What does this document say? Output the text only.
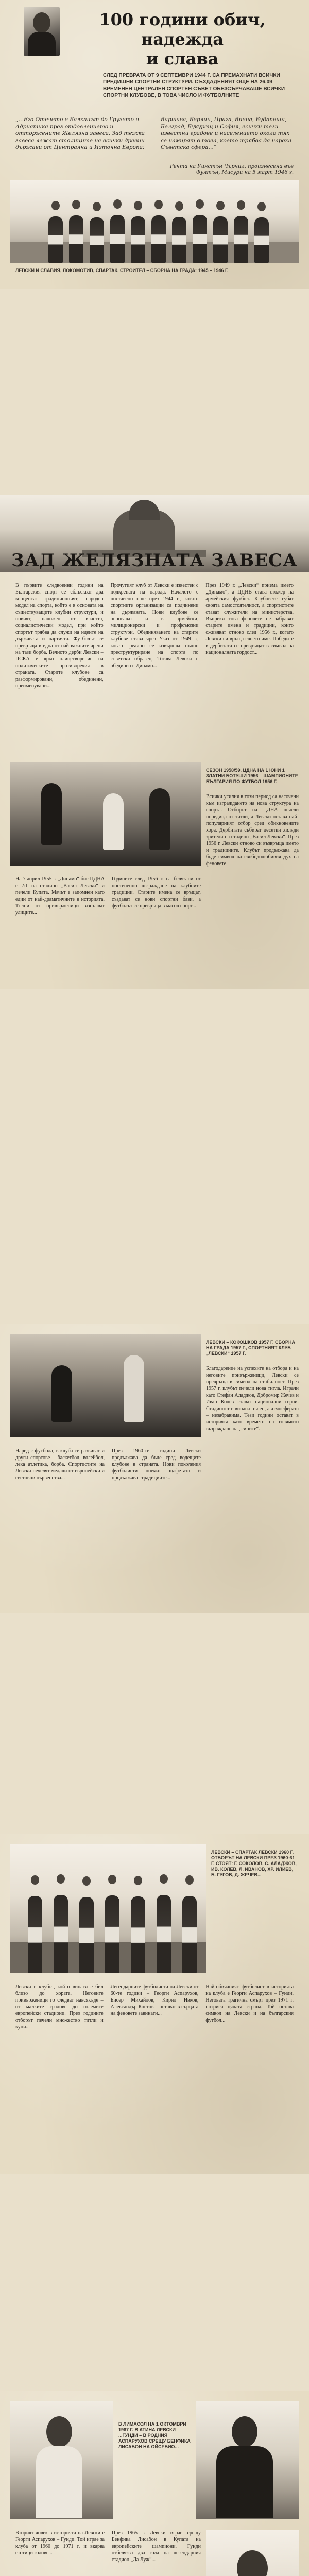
100 години обич,
надежда
и слава
СЛЕД ПРЕВРАТА ОТ 9 СЕПТЕМВРИ 1944 Г. СА ПРЕМАХНАТИ ВСИЧКИ ПРЕДИШНИ СПОРТНИ СТРУКТУРИ. СЪЗДАДЕНИЯТ ОЩЕ НА 26.09 ВРЕМЕНЕН ЦЕНТРАЛЕН СПОРТЕН СЪВЕТ ОБЕЗСЪРЧАВАШЕ ВСИЧКИ СПОРТНИ КЛУБОВЕ, В ТОВА ЧИСЛО И ФУТБОЛНИТЕ
„…Его Отечeто е Балканът до Грузето и Адриатика през отдовлението и отторжените Желязна завеса. Зад тежка завеса лежат столиците на всички древни държави от Централна и Източна Европа: Варшава, Берлин, Прага, Виена, Будапеща, Белград, Букурещ и София, всички тези известни градове и населението около тях се намират в това, което трябва да нарека Съветска сфера…“
Речта на Уинстън Чърчил, произнесена във Фултън, Мисури на 5 март 1946 г.
ЛЕВСКИ И СЛАВИЯ, ЛОКОМОТИВ, СПАРТАК, СТРОИТЕЛ – СБОРНА НА ГРАДА: 1945 – 1946 Г.
ЗАД ЖЕЛЯЗНАТА ЗАВЕСА
В първите следвоенни години на Българския спорт се сблъскват два концепта: традиционният, народен модел на спорта, който е в основата на съществуващите клубни структури, и новият, наложен от властта, социалистически модел, при който спортът трябва да служи на идеите на държавата и партията. Футболът се превръща в една от най-важните арени на тази борба. Вечното дерби Левски – ЦСКА е ярко олицетворение на политическите противоречия в страната. Старите клубове са разформировани, обединени, преименувани...
Прочутият клуб от Левски е известен с подкрепата на народа. Началото е поставено още през 1944 г., когато спортните организации са подчинени на държавата. Нови клубове се основават и в армейски, милиционерски и профсъюзни структури. Обединяването на старите клубове става чрез Указ от 1949 г., когато реално се извършва пълно преструктуриране на спорта по съветски образец. Тогава Левски е обединен с Динамо...
През 1949 г. „Левски“ приема името „Динамо“, а ЦДНВ става стожер на армейския футбол. Клубовете губят своята самостоятелност, а спортистите стават служители на министерства. Въпреки това феновете не забравят старите имена и традиции, които оживяват отново след 1956 г., когато Левски си връща своето име. Победите в дербитата се превръщат в символ на националната гордост...
СЕЗОН 1958/59. ЦДНА НА 1 ЮНИ 1 ЗЛАТНИ БОТУШИ 1956 – ШАМПИОНИТЕ БЪЛГАРИЯ ПО ФУТБОЛ 1956 Г.
Всички усилия в този период са насочени към изграждането на нова структура на спорта. Отборът на ЦДНА печели поредица от титли, а Левски остава най-популярният отбор сред обикновените хора. Дербитата събират десетки хиляди зрители на стадион „Васил Левски“. През 1956 г. Левски отново си възвръща името и традициите. Клубът продължава да бъде символ на свободолюбивия дух на феновете.
На 7 април 1955 г. „Динамо“ бие ЦДНА с 2:1 на стадион „Васил Левски“ и печели Купата. Мачът е запомнен като един от най-драматичните в историята. Тълпи от привърженици изпълват улиците...
Годините след 1956 г. са белязани от постепенно възраждане на клубните традиции. Старите имена се връщат, създават се нови спортни бази, а футболът се превръща в масов спорт...
ЛЕВСКИ – КОКОШКОВ 1957 Г. СБОРНА НА ГРАДА 1957 Г., СПОРТНИЯТ КЛУБ „ЛЕВСКИ“ 1957 Г.
Благодарение на успехите на отбора и на неговите привърженици, Левски се превръща в символ на стабилност. През 1957 г. клубът печели нова титла. Играчи като Стефан Аладжов, Добромир Жечев и Иван Колев стават национални герои. Стадионът е винаги пълен, а атмосферата – незабравима. Тези години остават в историята като времето на голямото възраждане на „сините“.
Наред с футбола, в клуба се развиват и други спортове – баскетбол, волейбол, лека атлетика, борба. Спортистите на Левски печелят медали от европейски и световни първенства...
През 1960-те години Левски продължава да бъде сред водещите клубове в страната. Нови поколения футболисти поемат щафетата и продължават традициите...
ЛЕВСКИ – СПАРТАК ЛЕВСКИ 1960 Г. ОТБОРЪТ НА ЛЕВСКИ ПРЕЗ 1960-61 Г. СТОЯТ: Г. СОКОЛОВ, С. АЛАДЖОВ, ИВ. КОЛЕВ, Л. ИВАНОВ, ХР. ИЛИЕВ, Б. ГУГОВ, Д. ЖЕЧЕВ...
Левски е клубът, който винаги е бил близо до хората. Неговите привърженици го следват навсякъде – от малките градове до големите европейски стадиони. През годините отборът печели множество титли и купи...
Легендарните футболисти на Левски от 60-те години – Георги Аспарухов, Бисер Михайлов, Кирил Ивков, Александър Костов – остават в сърцата на феновете завинаги...
Най-обичаният футболист в историята на клуба е Георги Аспарухов – Гунди. Неговата трагична смърт през 1971 г. потриса цялата страна. Той остава символ на Левски и на българския футбол...
В ЛИМАСОЛ НА 1 ОКТОМВРИ 1967 Г. В АТИНА ЛЕВСКИ ...ГУНДИ – В РОДНИЯ АСПАРУХОВ СРЕЩУ БЕНФИКА ЛИСАБОН НА ОЙСЕБИО...
Вторият човек в историята на Левски е Георги Аспарухов – Гунди. Той играе за клуба от 1960 до 1971 г. и вкарва стотици голове...
През 1965 г. Левски играе срещу Бенфика Лисабон в Купата на европейските шампиони. Гунди отбелязва два гола на легендарния стадион „Да Луж“...
